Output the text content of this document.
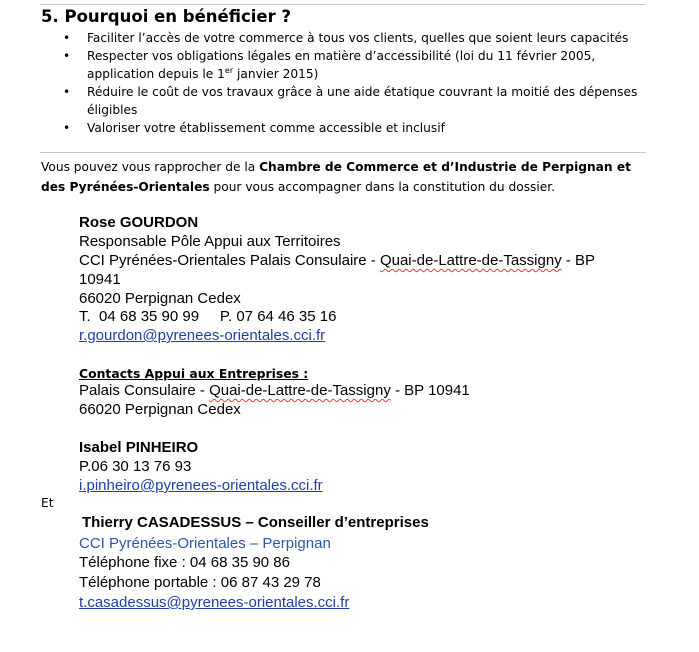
5. Pourquoi en bénéficier ?
• Faciliter l’accès de votre commerce à tous vos clients, quelles que soient leurs capacités
• Respecter vos obligations légales en matière d’accessibilité (loi du 11 février 2005,
application depuis le 1er janvier 2015)
• Réduire le coût de vos travaux grâce à une aide étatique couvrant la moitié des dépenses
éligibles
• Valoriser votre établissement comme accessible et inclusif
Vous pouvez vous rapprocher de la Chambre de Commerce et d’Industrie de Perpignan et
des Pyrénées-Orientales pour vous accompagner dans la constitution du dossier.
Rose GOURDON
Responsable Pôle Appui aux Territoires
CCI Pyrénées-Orientales Palais Consulaire - Quai-de-Lattre-de-Tassigny - BP
10941
66020 Perpignan Cedex
T.  04 68 35 90 99     P. 07 64 46 35 16
r.gourdon@pyrenees-orientales.cci.fr
Contacts Appui aux Entreprises :
Palais Consulaire - Quai-de-Lattre-de-Tassigny - BP 10941
66020 Perpignan Cedex
Isabel PINHEIRO
P.06 30 13 76 93
i.pinheiro@pyrenees-orientales.cci.fr
Et
Thierry CASADESSUS – Conseiller d’entreprises
CCI Pyrénées-Orientales – Perpignan
Téléphone fixe : 04 68 35 90 86
Téléphone portable : 06 87 43 29 78
t.casadessus@pyrenees-orientales.cci.fr
